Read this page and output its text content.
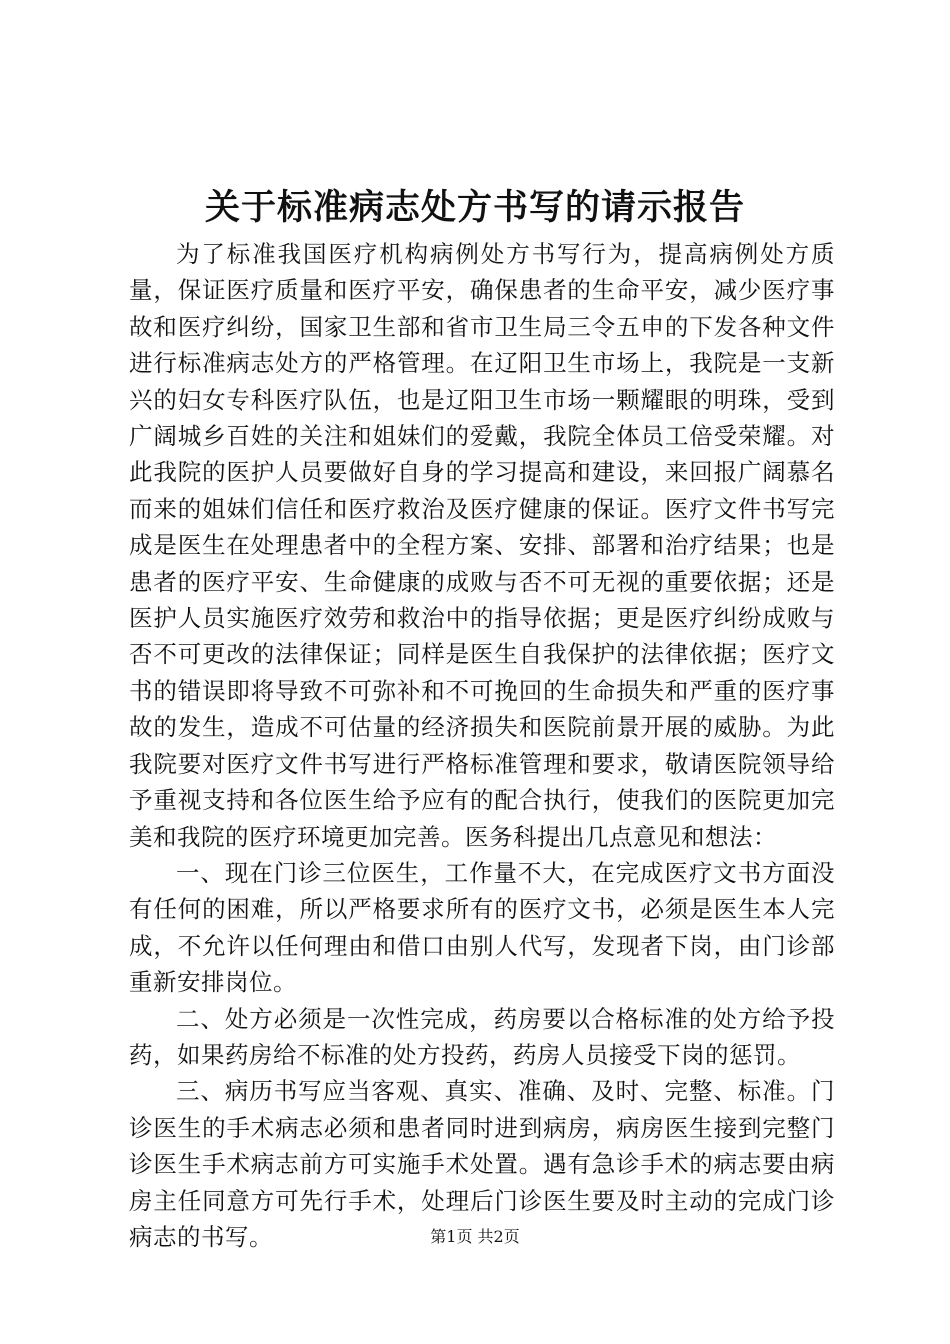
关于标准病志处方书写的请示报告

为了标准我国医疗机构病例处方书写行为，提高病例处方质量，保证医疗质量和医疗平安，确保患者的生命平安，减少医疗事故和医疗纠纷，国家卫生部和省市卫生局三令五申的下发各种文件进行标准病志处方的严格管理。在辽阳卫生市场上，我院是一支新兴的妇女专科医疗队伍，也是辽阳卫生市场一颗耀眼的明珠，受到广阔城乡百姓的关注和姐妹们的爱戴，我院全体员工倍受荣耀。对此我院的医护人员要做好自身的学习提高和建设，来回报广阔慕名而来的姐妹们信任和医疗救治及医疗健康的保证。医疗文件书写完成是医生在处理患者中的全程方案、安排、部署和治疗结果；也是患者的医疗平安、生命健康的成败与否不可无视的重要依据；还是医护人员实施医疗效劳和救治中的指导依据；更是医疗纠纷成败与否不可更改的法律保证；同样是医生自我保护的法律依据；医疗文书的错误即将导致不可弥补和不可挽回的生命损失和严重的医疗事故的发生，造成不可估量的经济损失和医院前景开展的威胁。为此我院要对医疗文件书写进行严格标准管理和要求，敬请医院领导给予重视支持和各位医生给予应有的配合执行，使我们的医院更加完美和我院的医疗环境更加完善。医务科提出几点意见和想法：

一、现在门诊三位医生，工作量不大，在完成医疗文书方面没有任何的困难，所以严格要求所有的医疗文书，必须是医生本人完成，不允许以任何理由和借口由别人代写，发现者下岗，由门诊部重新安排岗位。

二、处方必须是一次性完成，药房要以合格标准的处方给予投药，如果药房给不标准的处方投药，药房人员接受下岗的惩罚。

三、病历书写应当客观、真实、准确、及时、完整、标准。门诊医生的手术病志必须和患者同时进到病房，病房医生接到完整门诊医生手术病志前方可实施手术处置。遇有急诊手术的病志要由病房主任同意方可先行手术，处理后门诊医生要及时主动的完成门诊病志的书写。	第1页 共2页
